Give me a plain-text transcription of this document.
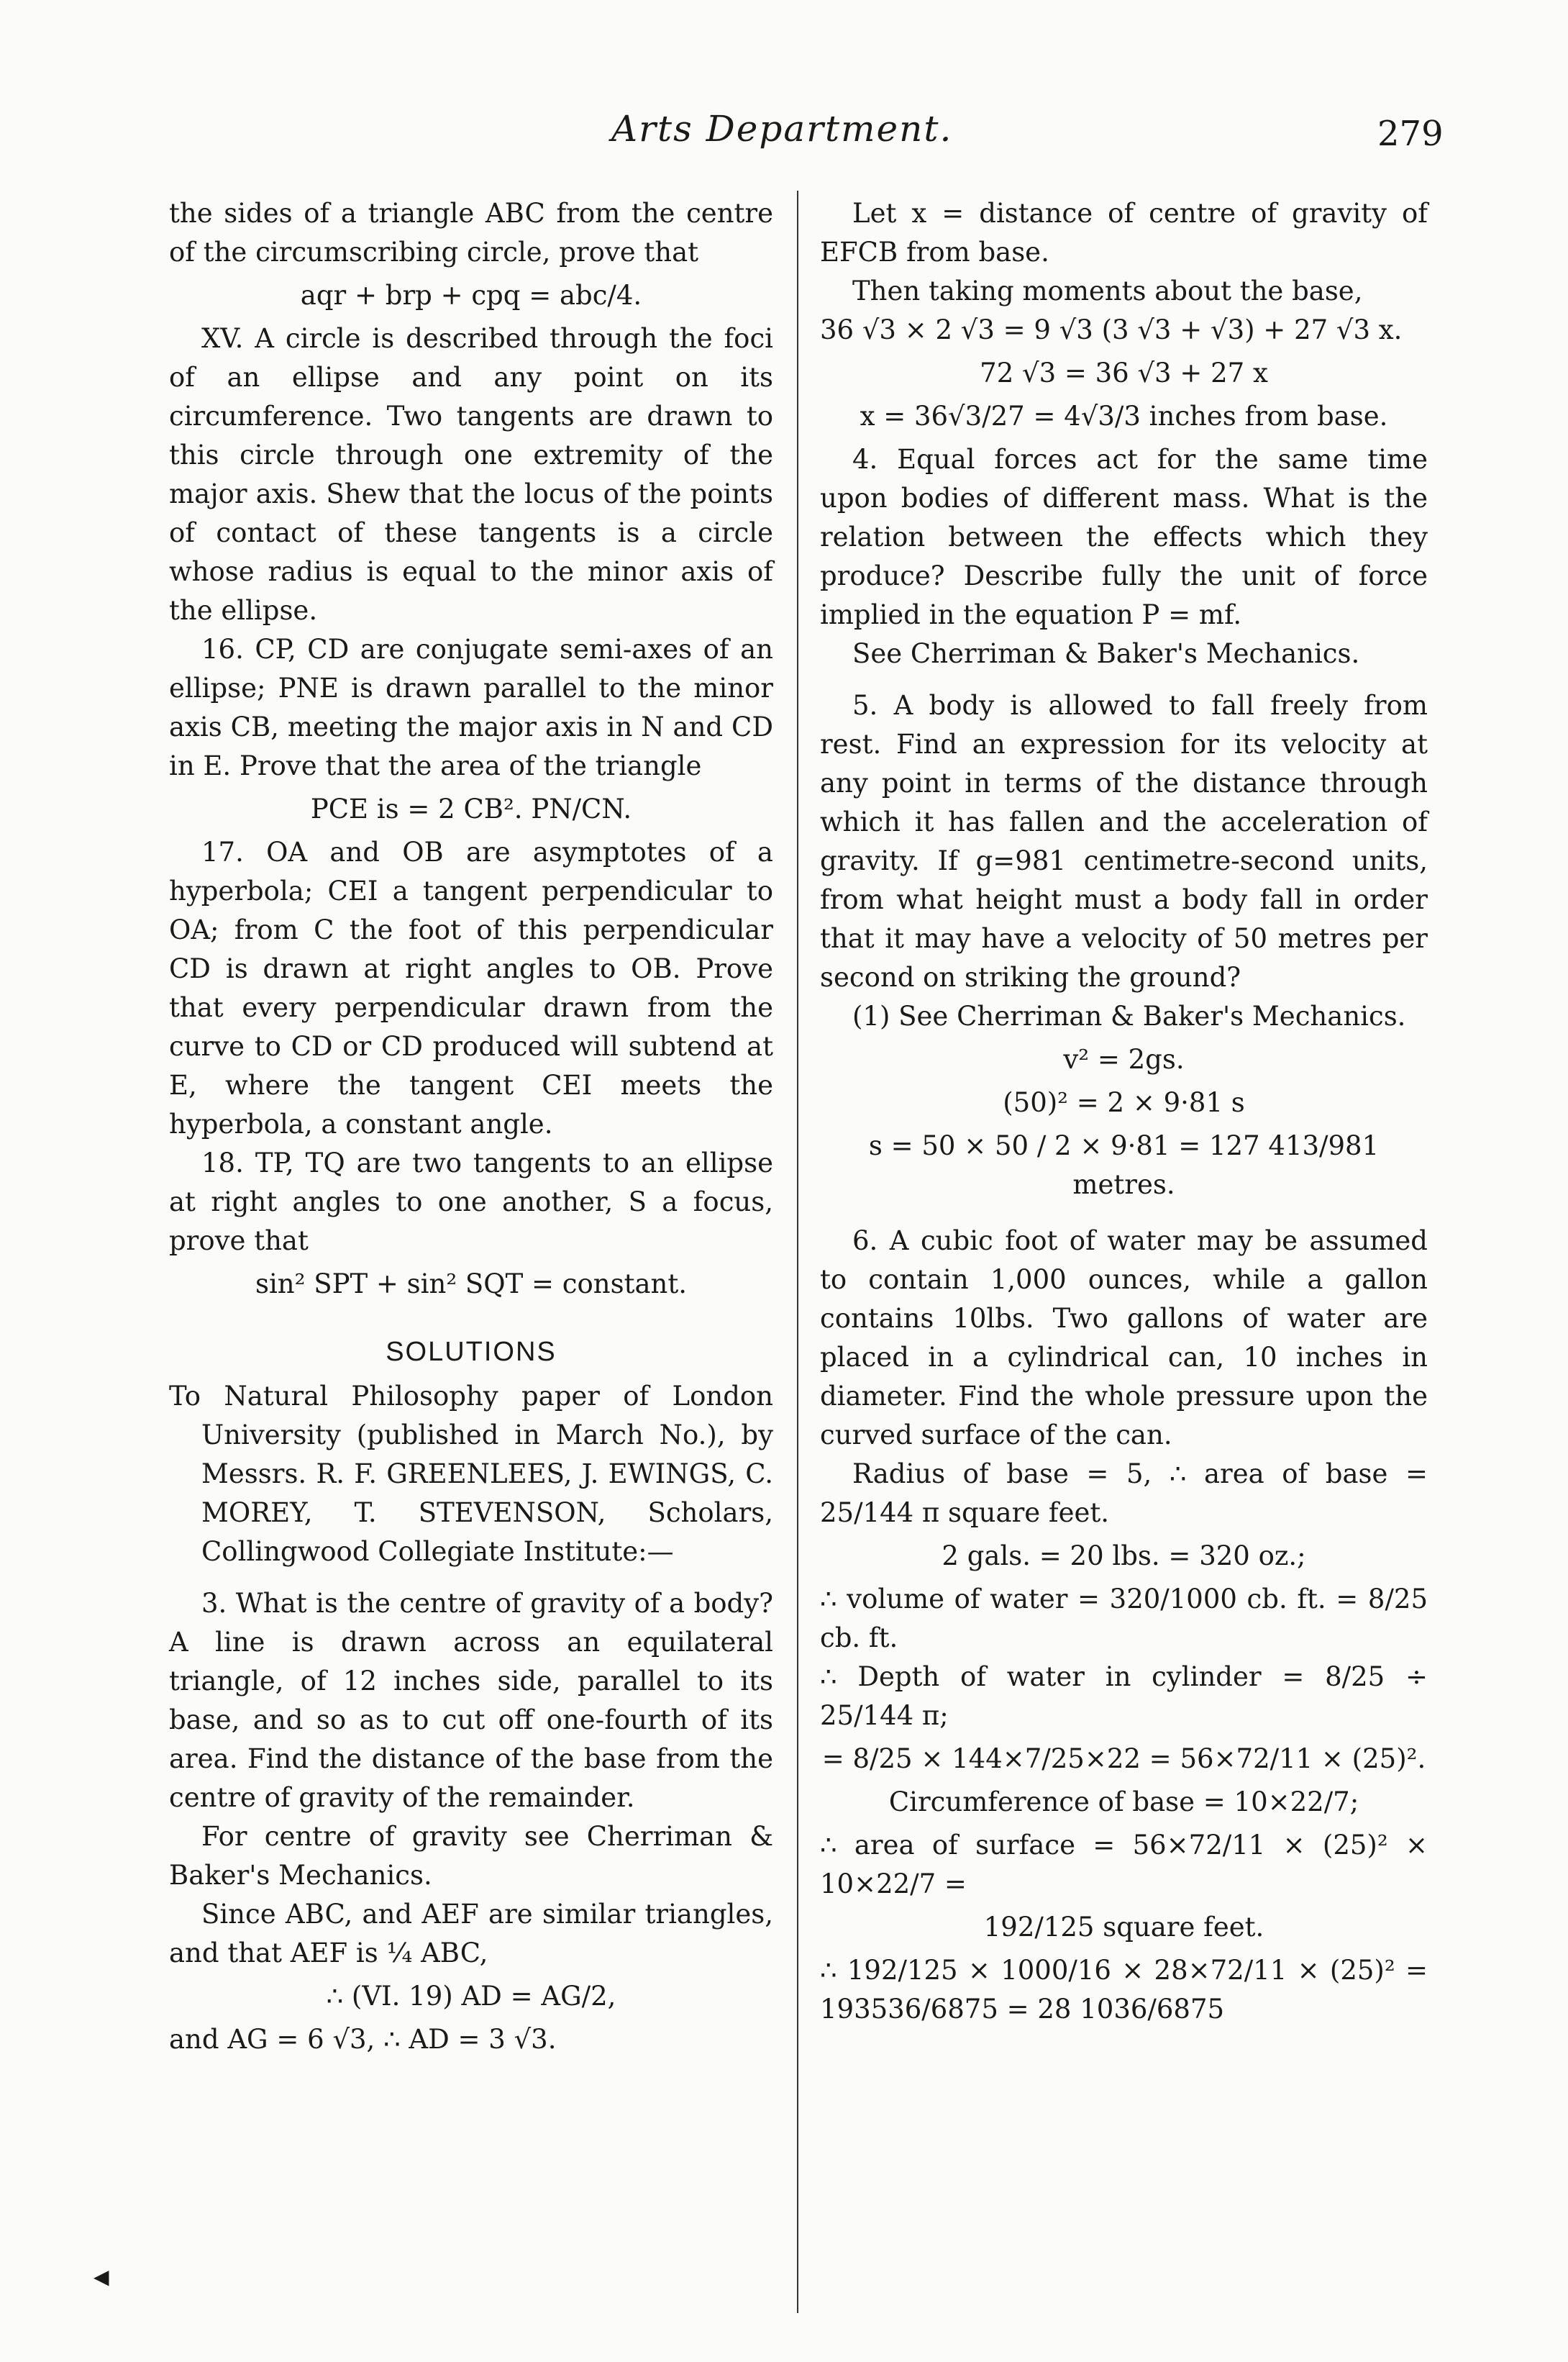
Arts Department.	279

the sides of a triangle ABC from the centre of the circumscribing circle, prove that

aqr + brp + cpq = abc/4.

XV. A circle is described through the foci of an ellipse and any point on its circumference. Two tangents are drawn to this circle through one extremity of the major axis. Shew that the locus of the points of contact of these tangents is a circle whose radius is equal to the minor axis of the ellipse.

16. CP, CD are conjugate semi-axes of an ellipse; PNE is drawn parallel to the minor axis CB, meeting the major axis in N and CD in E. Prove that the area of the triangle

PCE is = 2 CB². PN/CN.

17. OA and OB are asymptotes of a hyperbola; CEI a tangent perpendicular to OA; from C the foot of this perpendicular CD is drawn at right angles to OB. Prove that every perpendicular drawn from the curve to CD or CD produced will subtend at E, where the tangent CEI meets the hyperbola, a constant angle.

18. TP, TQ are two tangents to an ellipse at right angles to one another, S a focus, prove that

sin² SPT + sin² SQT = constant.

SOLUTIONS

To Natural Philosophy paper of London University (published in March No.), by Messrs. R. F. GREENLEES, J. EWINGS, C. MOREY, T. STEVENSON, Scholars, Collingwood Collegiate Institute:—

3. What is the centre of gravity of a body? A line is drawn across an equilateral triangle, of 12 inches side, parallel to its base, and so as to cut off one-fourth of its area. Find the distance of the base from the centre of gravity of the remainder.

For centre of gravity see Cherriman & Baker's Mechanics.

Since ABC, and AEF are similar triangles, and that AEF is ¼ ABC,

∴ (VI. 19) AD = AG/2,

and AG = 6 √3, ∴ AD = 3 √3.

Let x = distance of centre of gravity of EFCB from base.

Then taking moments about the base,

36 √3 × 2 √3 = 9 √3 (3 √3 + √3) + 27 √3 x.

72 √3 = 36 √3 + 27 x

x = 36√3/27 = 4√3/3 inches from base.

4. Equal forces act for the same time upon bodies of different mass. What is the relation between the effects which they produce? Describe fully the unit of force implied in the equation P = mf.

See Cherriman & Baker's Mechanics.

5. A body is allowed to fall freely from rest. Find an expression for its velocity at any point in terms of the distance through which it has fallen and the acceleration of gravity. If g=981 centimetre-second units, from what height must a body fall in order that it may have a velocity of 50 metres per second on striking the ground?

(1) See Cherriman & Baker's Mechanics.

v² = 2gs.

(50)² = 2 × 9·81 s

s = 50 × 50 / 2 × 9·81 = 127 413/981 metres.

6. A cubic foot of water may be assumed to contain 1,000 ounces, while a gallon contains 10lbs. Two gallons of water are placed in a cylindrical can, 10 inches in diameter. Find the whole pressure upon the curved surface of the can.

Radius of base = 5, ∴ area of base = 25/144 π square feet.

2 gals. = 20 lbs. = 320 oz.;

∴ volume of water = 320/1000 cb. ft. = 8/25 cb. ft.

∴ Depth of water in cylinder = 8/25 ÷ 25/144 π;

= 8/25 × 144×7/25×22 = 56×72/11 × (25)².

Circumference of base = 10×22/7;

∴ area of surface = 56×72/11 × (25)² × 10×22/7 =

192/125 square feet.

∴ 192/125 × 1000/16 × 28×72/11 × (25)² = 193536/6875 = 28 1036/6875

◀
